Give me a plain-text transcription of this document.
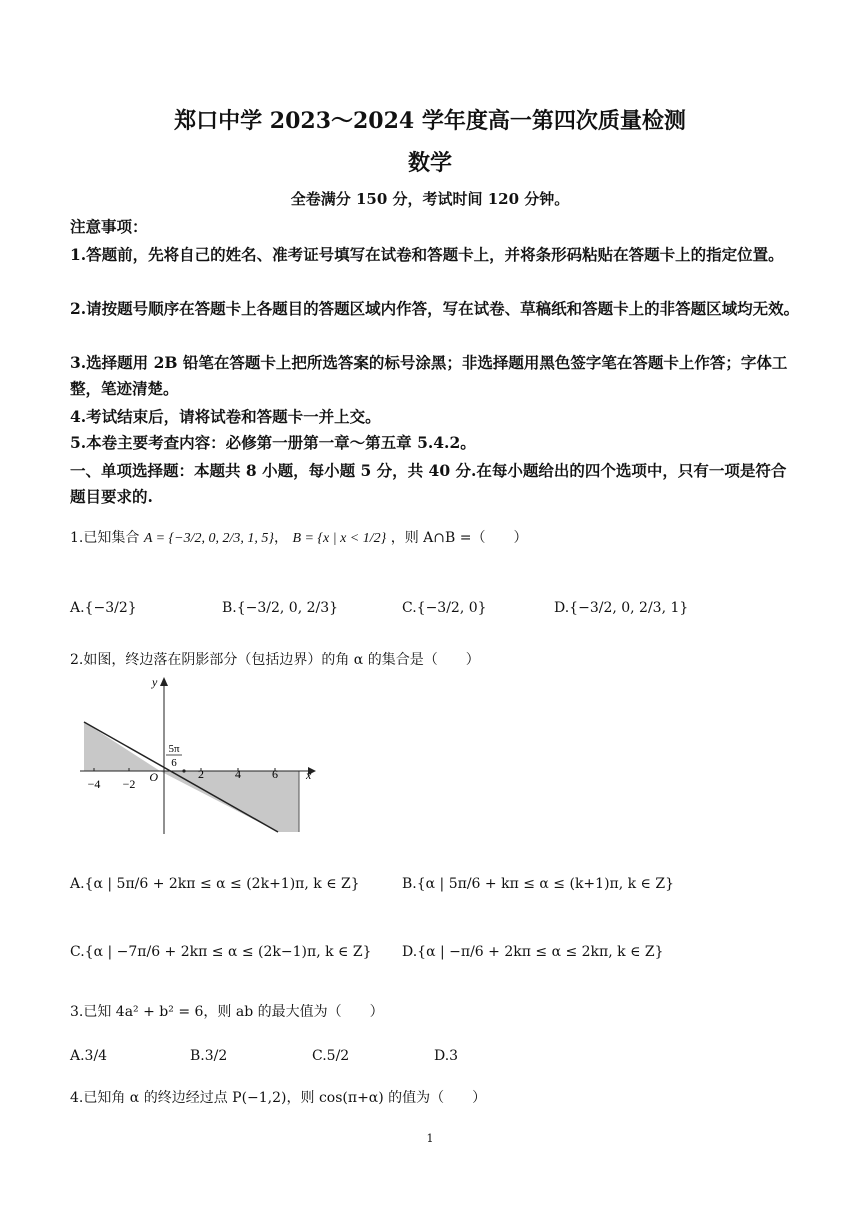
郑口中学 2023～2024 学年度高一第四次质量检测
数学
全卷满分 150 分，考试时间 120 分钟。
注意事项：
1.答题前，先将自己的姓名、准考证号填写在试卷和答题卡上，并将条形码粘贴在答题卡上的指定位置。
2.请按题号顺序在答题卡上各题目的答题区域内作答，写在试卷、草稿纸和答题卡上的非答题区域均无效。
3.选择题用 2B 铅笔在答题卡上把所选答案的标号涂黑；非选择题用黑色签字笔在答题卡上作答；字体工整，笔迹清楚。
4.考试结束后，请将试卷和答题卡一并上交。
5.本卷主要考查内容：必修第一册第一章～第五章 5.4.2。
一、单项选择题：本题共 8 小题，每小题 5 分，共 40 分.在每小题给出的四个选项中，只有一项是符合题目要求的.
1.已知集合 A = {−3/2, 0, 2/3, 1, 5}， B = {x | x < 1/2} ，则 A∩B =（　　）
A.{−3/2}	B.{−3/2, 0, 2/3}	C.{−3/2, 0}	D.{−3/2, 0, 2/3, 1}
2.如图，终边落在阴影部分（包括边界）的角 α 的集合是（　　）
−4 −2
2	4	6
O	x
y
5π
6
A.{α | 5π/6 + 2kπ ≤ α ≤ (2k+1)π, k ∈ Z}	B.{α | 5π/6 + kπ ≤ α ≤ (k+1)π, k ∈ Z}
C.{α | −7π/6 + 2kπ ≤ α ≤ (2k−1)π, k ∈ Z} D.{α | −π/6 + 2kπ ≤ α ≤ 2kπ, k ∈ Z}
3.已知 4a² + b² = 6，则 ab 的最大值为（　　）
A.3/4	B.3/2	C.5/2	D.3
4.已知角 α 的终边经过点 P(−1,2)，则 cos(π+α) 的值为（　　）
1
